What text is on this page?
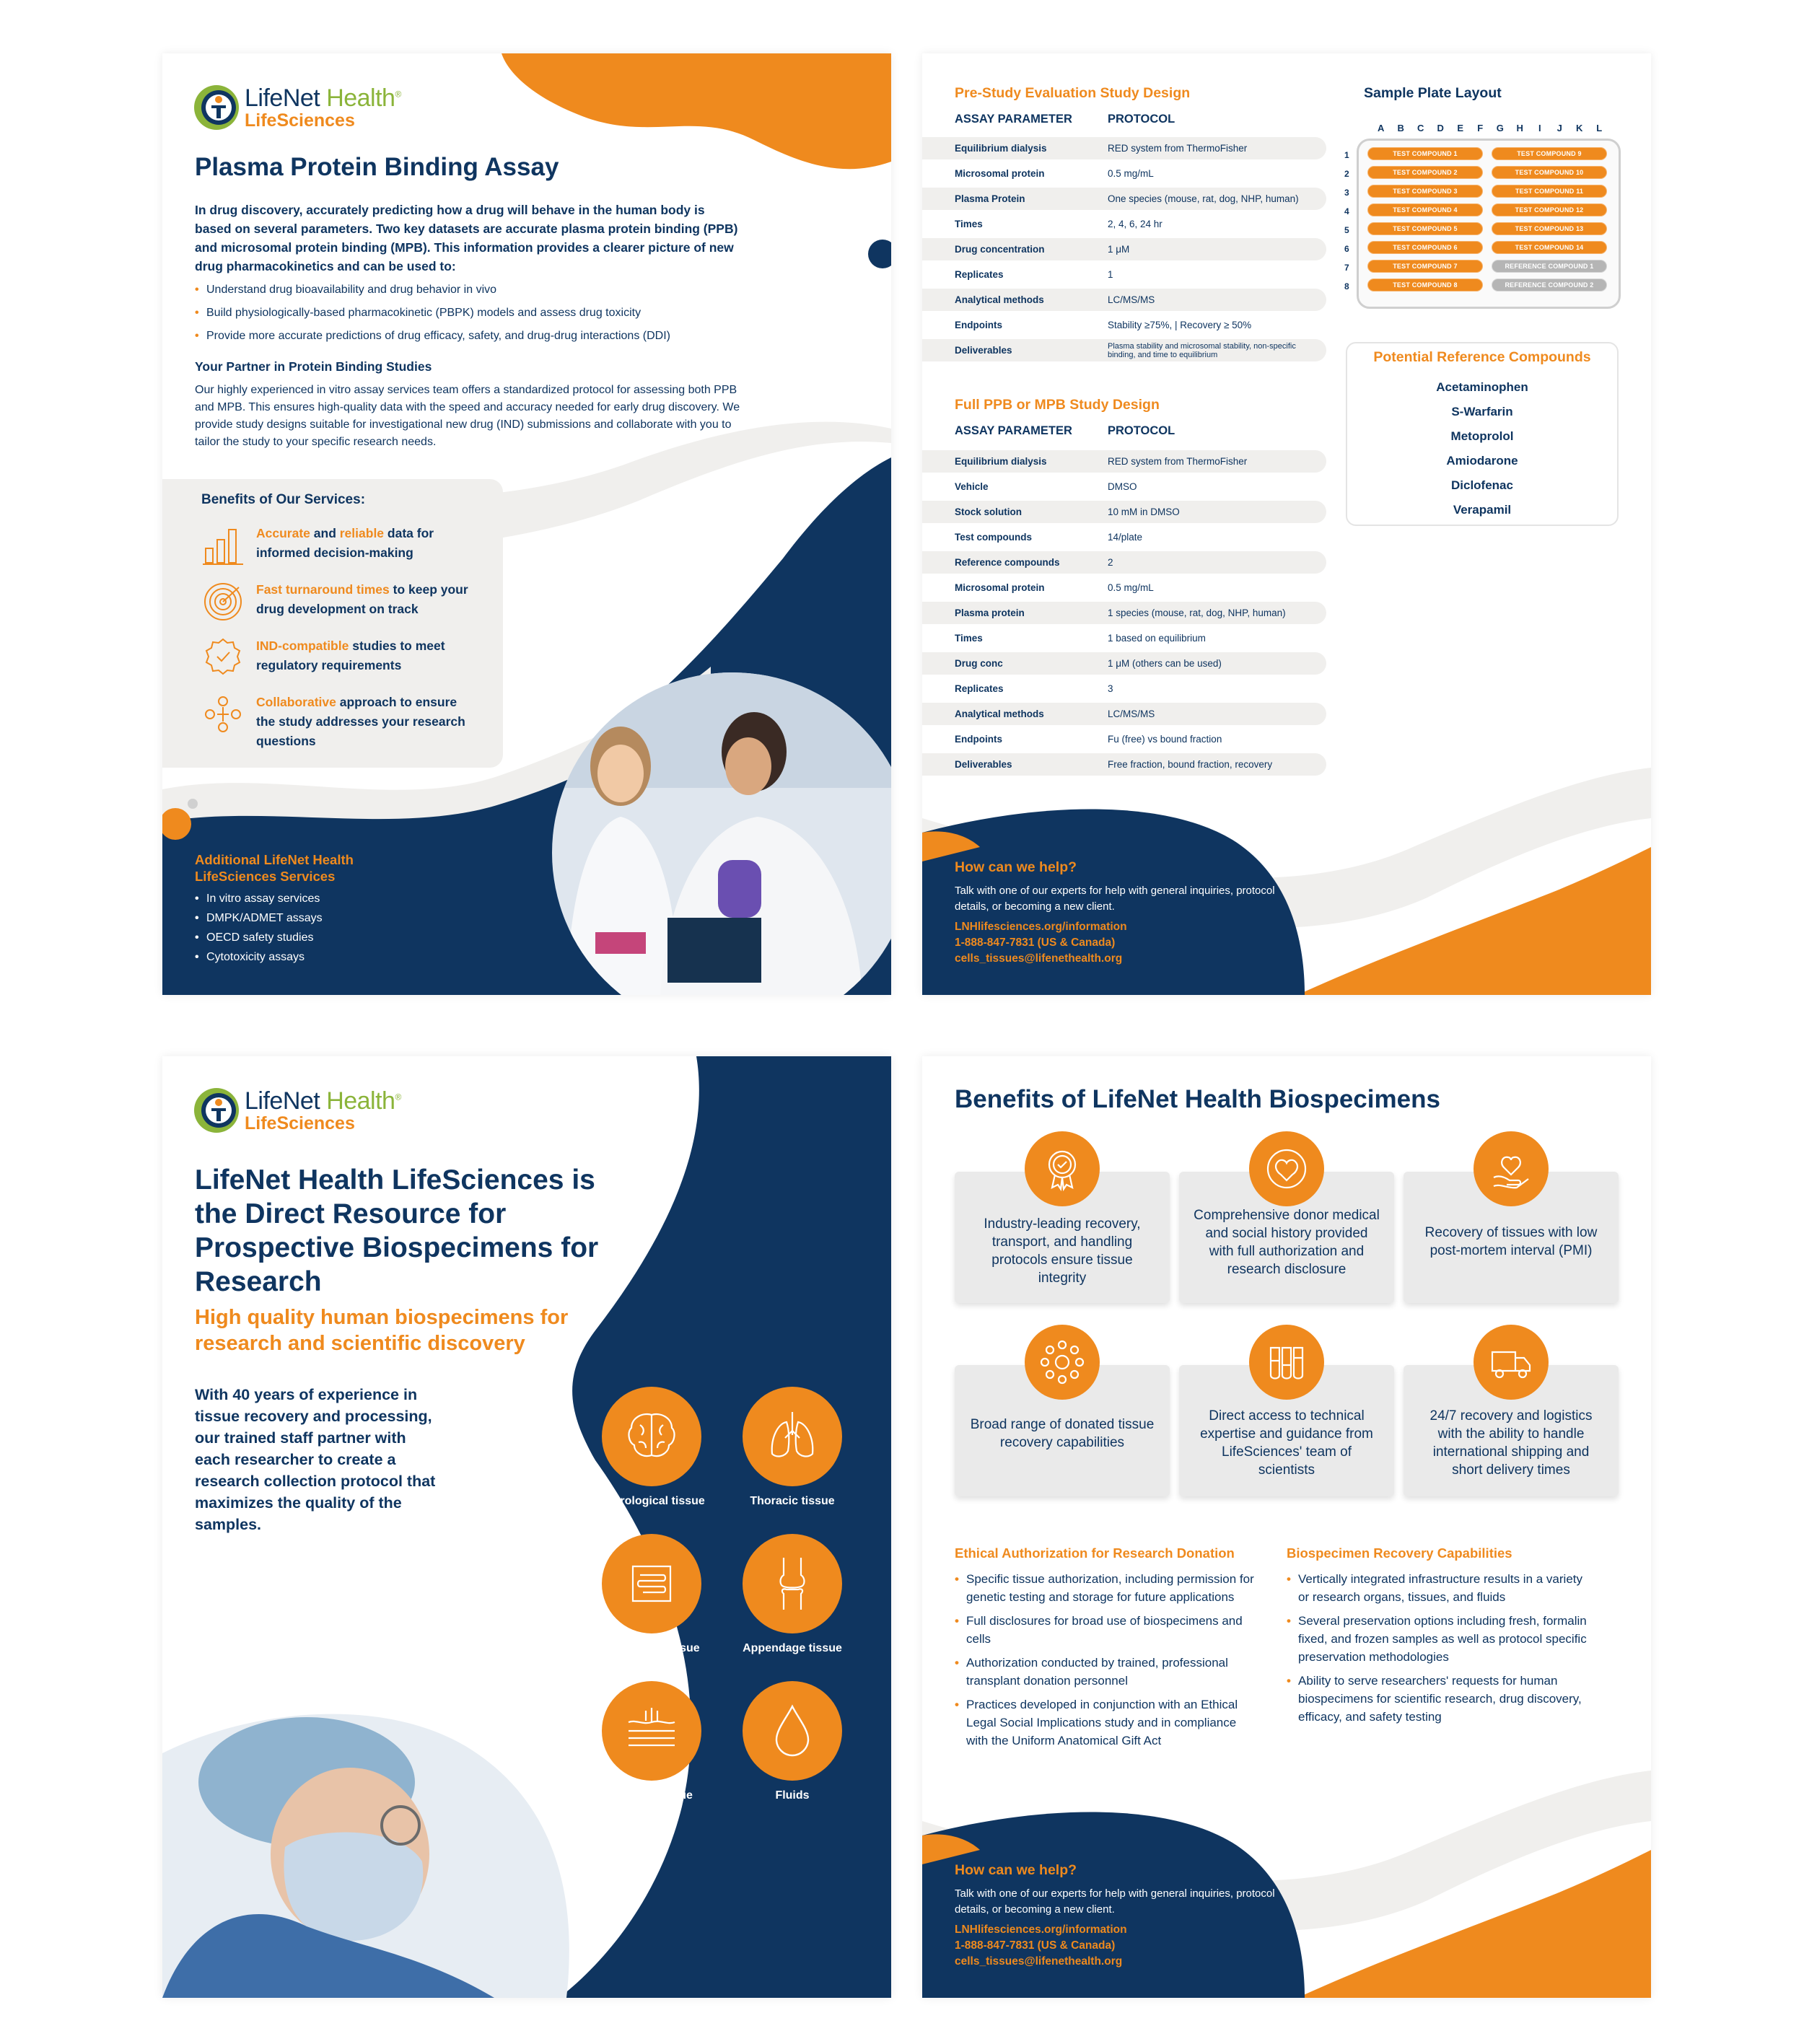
LifeNet Health®
LifeSciences
Plasma Protein Binding Assay
In drug discovery, accurately predicting how a drug will behave in the human body is based on several parameters. Two key datasets are accurate plasma protein binding (PPB) and microsomal protein binding (MPB). This information provides a clearer picture of new drug pharmacokinetics and can be used to:
• Understand drug bioavailability and drug behavior in vivo
• Build physiologically-based pharmacokinetic (PBPK) models and assess drug toxicity
• Provide more accurate predictions of drug efficacy, safety, and drug-drug interactions (DDI)
Your Partner in Protein Binding Studies
Our highly experienced in vitro assay services team offers a standardized protocol for assessing both PPB and MPB. This ensures high-quality data with the speed and accuracy needed for early drug discovery. We provide study designs suitable for investigational new drug (IND) submissions and collaborate with you to tailor the study to your specific research needs.
Benefits of Our Services:
Accurate and reliable data for informed decision-making
Fast turnaround times to keep your drug development on track
IND-compatible studies to meet regulatory requirements
Collaborative approach to ensure the study addresses your research questions
Additional LifeNet Health LifeSciences Services
• In vitro assay services
• DMPK/ADMET assays
• OECD safety studies
• Cytotoxicity assays
Pre-Study Evaluation Study Design
ASSAY PARAMETER	PROTOCOL
Equilibrium dialysis	RED system from ThermoFisher
Microsomal protein	0.5 mg/mL
Plasma Protein	One species (mouse, rat, dog, NHP, human)
Times	2, 4, 6, 24 hr
Drug concentration	1 μM
Replicates	1
Analytical methods	LC/MS/MS
Endpoints	Stability ≥75%, | Recovery ≥ 50%
Deliverables	Plasma stability and microsomal stability, non-specific binding, and time to equilibrium
Full PPB or MPB Study Design
ASSAY PARAMETER	PROTOCOL
Equilibrium dialysis	RED system from ThermoFisher
Vehicle	DMSO
Stock solution	10 mM in DMSO
Test compounds	14/plate
Reference compounds	2
Microsomal protein	0.5 mg/mL
Plasma protein	1 species (mouse, rat, dog, NHP, human)
Times	1 based on equilibrium
Drug conc	1 μM (others can be used)
Replicates	3
Analytical methods	LC/MS/MS
Endpoints	Fu (free) vs bound fraction
Deliverables	Free fraction, bound fraction, recovery
Sample Plate Layout
A	B	C	D	E	F	G	H	I	J	K	L
1
2
3
4
5
6
7
8
TEST COMPOUND 1	TEST COMPOUND 9
TEST COMPOUND 2	TEST COMPOUND 10
TEST COMPOUND 3	TEST COMPOUND 11
TEST COMPOUND 4	TEST COMPOUND 12
TEST COMPOUND 5	TEST COMPOUND 13
TEST COMPOUND 6	TEST COMPOUND 14
TEST COMPOUND 7	REFERENCE COMPOUND 1
TEST COMPOUND 8	REFERENCE COMPOUND 2
Potential Reference Compounds
Acetaminophen
S-Warfarin
Metoprolol
Amiodarone
Diclofenac
Verapamil
How can we help?
Talk with one of our experts for help with general inquiries, protocol details, or becoming a new client.
LNHlifesciences.org/information
1-888-847-7831 (US & Canada)
cells_tissues@lifenethealth.org
LifeNet Health®
LifeSciences
LifeNet Health LifeSciences is the Direct Resource for Prospective Biospecimens for Research
High quality human biospecimens for research and scientific discovery
With 40 years of experience in tissue recovery and processing, our trained staff partner with each researcher to create a research collection protocol that maximizes the quality of the samples.
Neurological tissue	Thoracic tissue
Abdominal tissue	Appendage tissue
External tissue	Fluids
Benefits of LifeNet Health Biospecimens
Industry-leading recovery, transport, and handling protocols ensure tissue integrity
Comprehensive donor medical and social history provided with full authorization and research disclosure
Recovery of tissues with low post-mortem interval (PMI)
Broad range of donated tissue recovery capabilities
Direct access to technical expertise and guidance from LifeSciences' team of scientists
24/7 recovery and logistics with the ability to handle international shipping and short delivery times
Ethical Authorization for Research Donation
• Specific tissue authorization, including permission for genetic testing and storage for future applications
• Full disclosures for broad use of biospecimens and cells
• Authorization conducted by trained, professional transplant donation personnel
• Practices developed in conjunction with an Ethical Legal Social Implications study and in compliance with the Uniform Anatomical Gift Act
Biospecimen Recovery Capabilities
• Vertically integrated infrastructure results in a variety or research organs, tissues, and fluids
• Several preservation options including fresh, formalin fixed, and frozen samples as well as protocol specific preservation methodologies
• Ability to serve researchers' requests for human biospecimens for scientific research, drug discovery, efficacy, and safety testing
How can we help?
Talk with one of our experts for help with general inquiries, protocol details, or becoming a new client.
LNHlifesciences.org/information
1-888-847-7831 (US & Canada)
cells_tissues@lifenethealth.org
